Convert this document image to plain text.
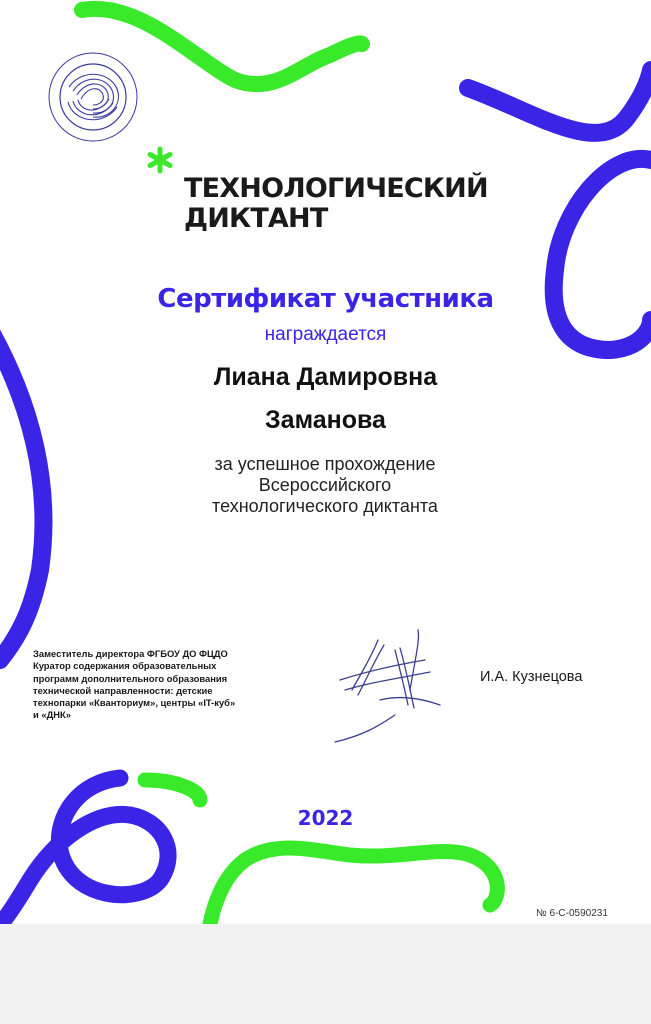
ТЕХНОЛОГИЧЕСКИЙ
ДИКТАНТ
Сертификат участника
награждается
Лиана Дамировна
Заманова
за успешное прохождение
Всероссийского
технологического диктанта
Заместитель директора ФГБОУ ДО ФЦДО
Куратор содержания образовательных
программ дополнительного образования
технической направленности: детские
технопарки «Кванториум», центры «IT-куб»
и «ДНК»
И.А. Кузнецова
2022
№ 6-С-0590231
